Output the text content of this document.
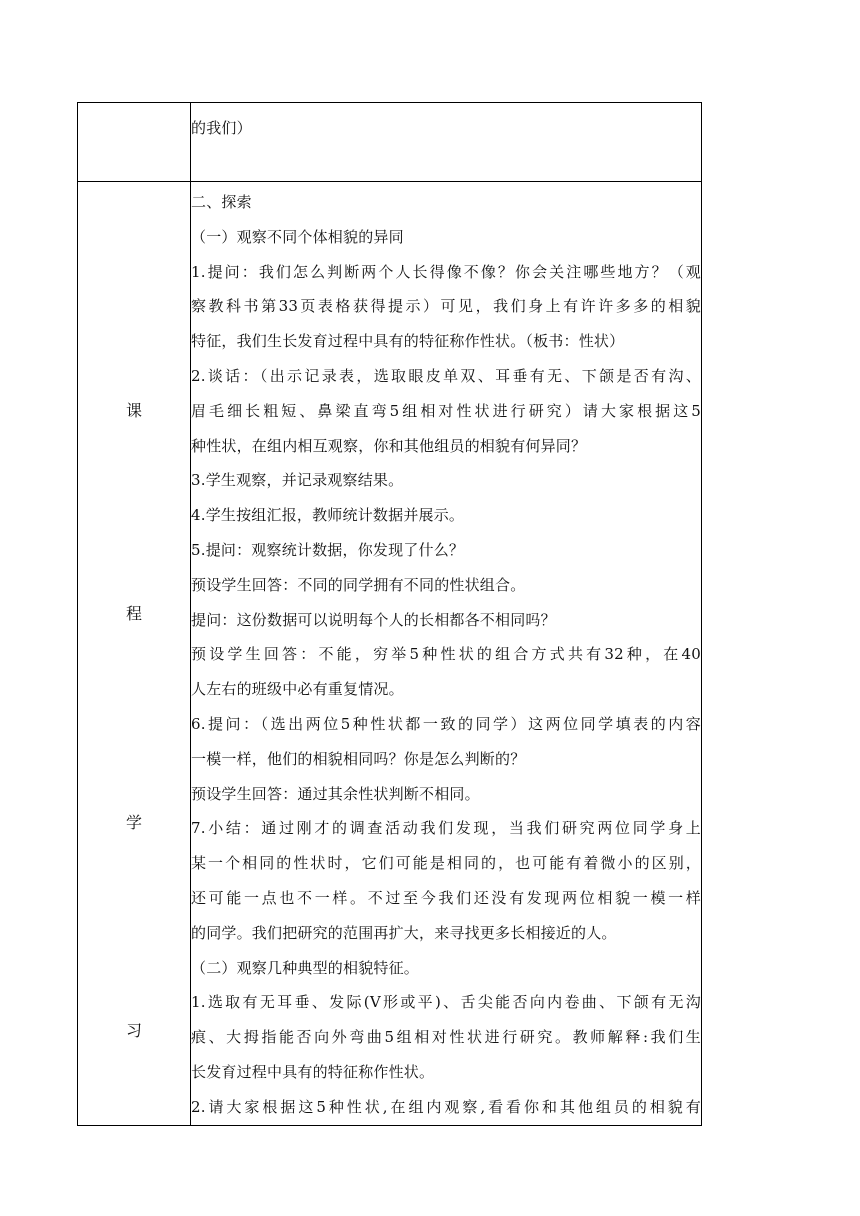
的我们）
课
程
学
习
二、探索
（一）观察不同个体相貌的异同
1.提问：我们怎么判断两个人长得像不像？你会关注哪些地方？（观
察教科书第33页表格获得提示）可见，我们身上有许许多多的相貌
特征，我们生长发育过程中具有的特征称作性状。（板书：性状）
2.谈话：（出示记录表，选取眼皮单双、耳垂有无、下颌是否有沟、
眉毛细长粗短、鼻梁直弯5组相对性状进行研究）请大家根据这5
种性状，在组内相互观察，你和其他组员的相貌有何异同？
3.学生观察，并记录观察结果。
4.学生按组汇报，教师统计数据并展示。
5.提问：观察统计数据，你发现了什么？
预设学生回答：不同的同学拥有不同的性状组合。
提问：这份数据可以说明每个人的长相都各不相同吗？
预设学生回答：不能，穷举5种性状的组合方式共有32种，在40
人左右的班级中必有重复情况。
6.提问：（选出两位5种性状都一致的同学）这两位同学填表的内容
一模一样，他们的相貌相同吗？你是怎么判断的？
预设学生回答：通过其余性状判断不相同。
7.小结：通过刚才的调查活动我们发现，当我们研究两位同学身上
某一个相同的性状时，它们可能是相同的，也可能有着微小的区别，
还可能一点也不一样。不过至今我们还没有发现两位相貌一模一样
的同学。我们把研究的范围再扩大，来寻找更多长相接近的人。
（二）观察几种典型的相貌特征。
1.选取有无耳垂、发际(V形或平)、舌尖能否向内卷曲、下颌有无沟
痕、大拇指能否向外弯曲5组相对性状进行研究。教师解释:我们生
长发育过程中具有的特征称作性状。
2.请大家根据这5种性状,在组内观察,看看你和其他组员的相貌有
